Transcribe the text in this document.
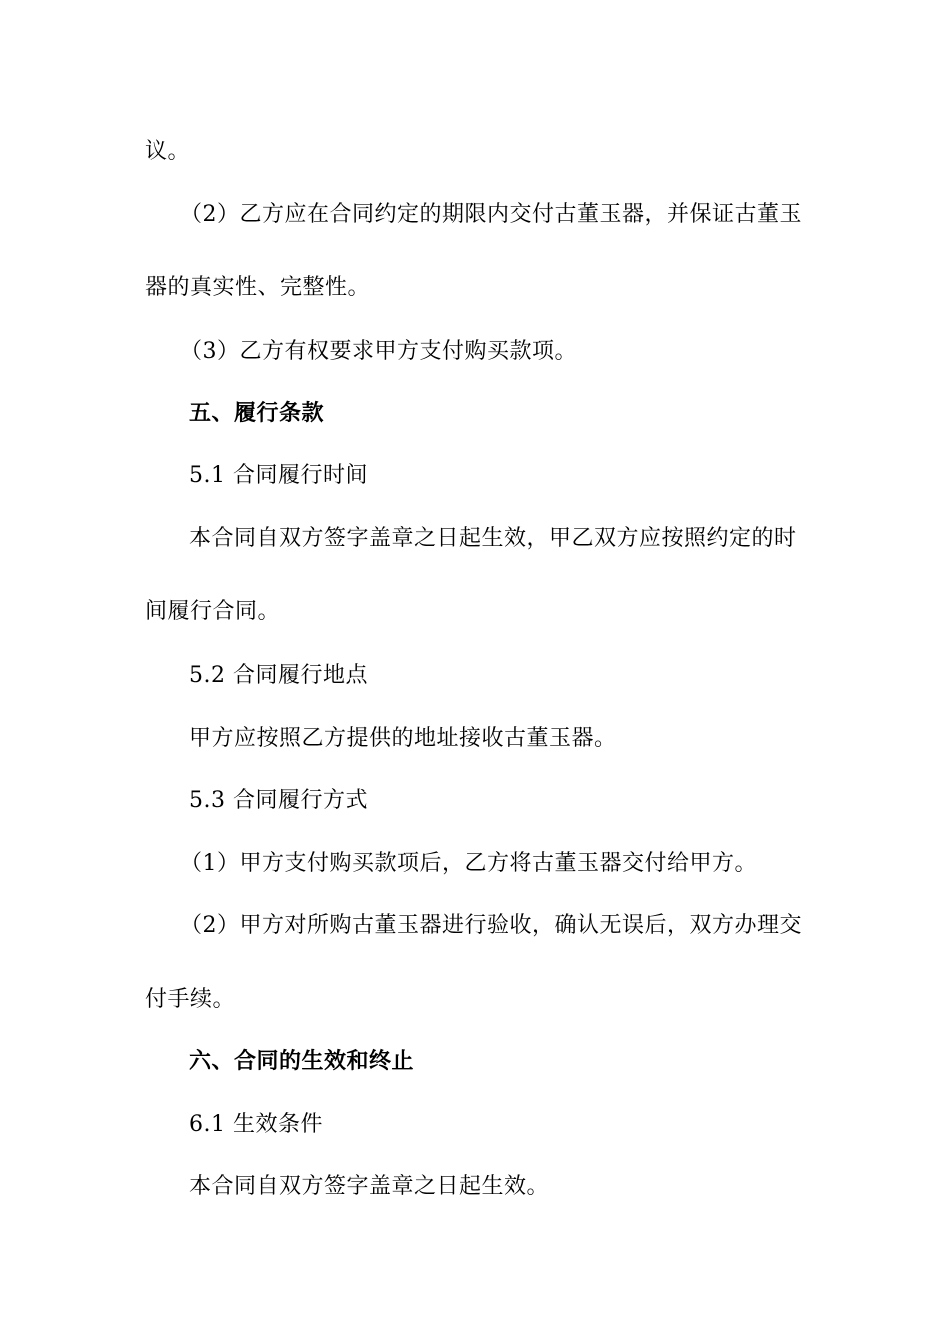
议。
（2）乙方应在合同约定的期限内交付古董玉器，并保证古董玉
器的真实性、完整性。
（3）乙方有权要求甲方支付购买款项。
五、履行条款
5.1 合同履行时间
本合同自双方签字盖章之日起生效，甲乙双方应按照约定的时
间履行合同。
5.2 合同履行地点
甲方应按照乙方提供的地址接收古董玉器。
5.3 合同履行方式
（1）甲方支付购买款项后，乙方将古董玉器交付给甲方。
（2）甲方对所购古董玉器进行验收，确认无误后，双方办理交
付手续。
六、合同的生效和终止
6.1 生效条件
本合同自双方签字盖章之日起生效。
